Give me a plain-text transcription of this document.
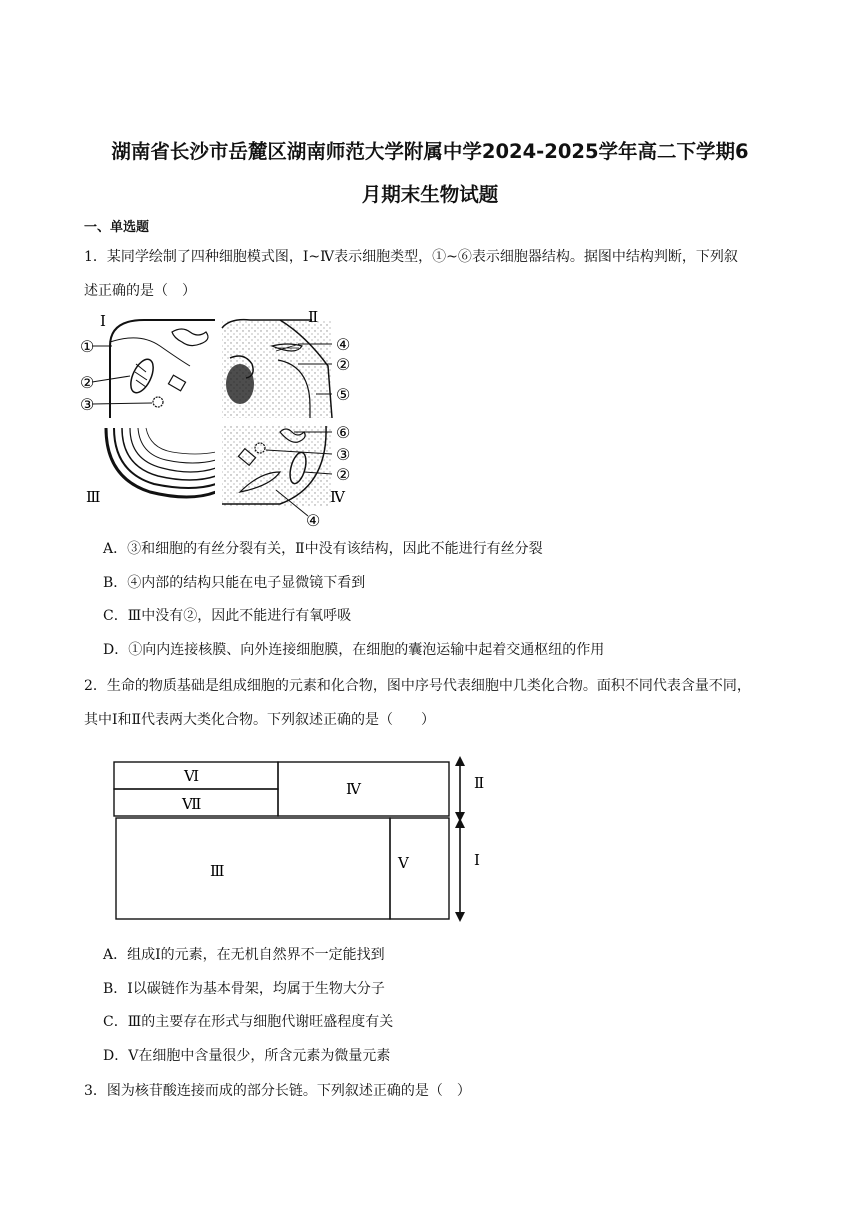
湖南省长沙市岳麓区湖南师范大学附属中学2024-2025学年高二下学期6
月期末生物试题
一、单选题
1．某同学绘制了四种细胞模式图，Ⅰ~Ⅳ表示细胞类型，①~⑥表示细胞器结构。据图中结构判断，下列叙
述正确的是（　）
Ⅰ	Ⅱ
Ⅲ	Ⅳ
①
②
③
④
②
⑤
⑥
③
②
④
A．③和细胞的有丝分裂有关，Ⅱ中没有该结构，因此不能进行有丝分裂
B．④内部的结构只能在电子显微镜下看到
C．Ⅲ中没有②，因此不能进行有氧呼吸
D．①向内连接核膜、向外连接细胞膜，在细胞的囊泡运输中起着交通枢纽的作用
2．生命的物质基础是组成细胞的元素和化合物，图中序号代表细胞中几类化合物。面积不同代表含量不同，
其中Ⅰ和Ⅱ代表两大类化合物。下列叙述正确的是（　　）
Ⅵ
Ⅶ
Ⅳ
Ⅲ	Ⅴ
Ⅱ
Ⅰ
A．组成Ⅰ的元素，在无机自然界不一定能找到
B．Ⅰ以碳链作为基本骨架，均属于生物大分子
C．Ⅲ的主要存在形式与细胞代谢旺盛程度有关
D．Ⅴ在细胞中含量很少，所含元素为微量元素
3．图为核苷酸连接而成的部分长链。下列叙述正确的是（　）
